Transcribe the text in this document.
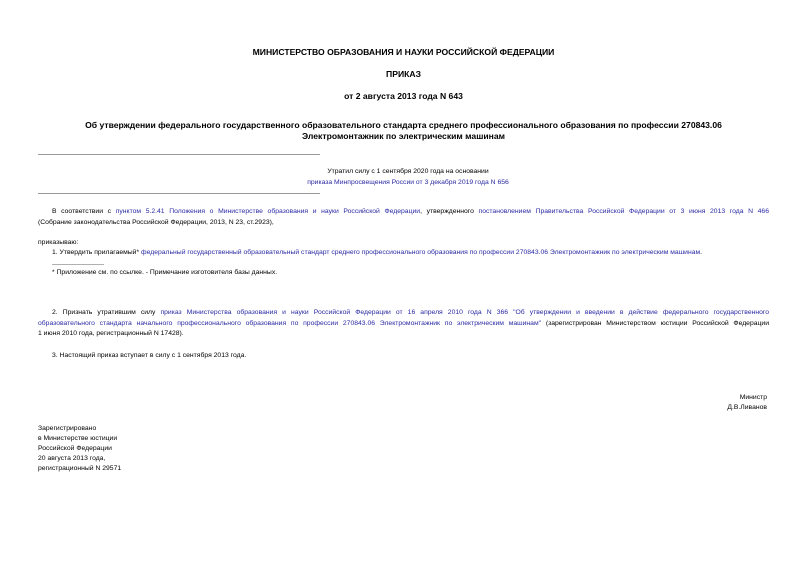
МИНИСТЕРСТВО ОБРАЗОВАНИЯ И НАУКИ РОССИЙСКОЙ ФЕДЕРАЦИИ
ПРИКАЗ
от 2 августа 2013 года N 643
Об утверждении федерального государственного образовательного стандарта среднего профессионального образования по профессии 270843.06
Электромонтажник по электрическим машинам
Утратил силу с 1 сентября 2020 года на основании
приказа Минпросвещения России от 3 декабря 2019 года N 656
В соответствии с пунктом 5.2.41 Положения о Министерстве образования и науки Российской Федерации, утвержденного постановлением Правительства Российской Федерации от 3 июня 2013 года N 466
(Собрание законодательства Российской Федерации, 2013, N 23, ст.2923),
приказываю:
1. Утвердить прилагаемый* федеральный государственный образовательный стандарт среднего профессионального образования по профессии 270843.06 Электромонтажник по электрическим машинам.
* Приложение см. по ссылке. - Примечание изготовителя базы данных.
2. Признать утратившим силу приказ Министерства образования и науки Российской Федерации от 16 апреля 2010 года N 366 "Об утверждении и введении в действие федерального государственного
образовательного стандарта начального профессионального образования по профессии 270843.06 Электромонтажник по электрическим машинам" (зарегистрирован Министерством юстиции Российской Федерации
1 июня 2010 года, регистрационный N 17428).
3. Настоящий приказ вступает в силу с 1 сентября 2013 года.
Министр
Д.В.Ливанов
Зарегистрировано
в Министерстве юстиции
Российской Федерации
20 августа 2013 года,
регистрационный N 29571
